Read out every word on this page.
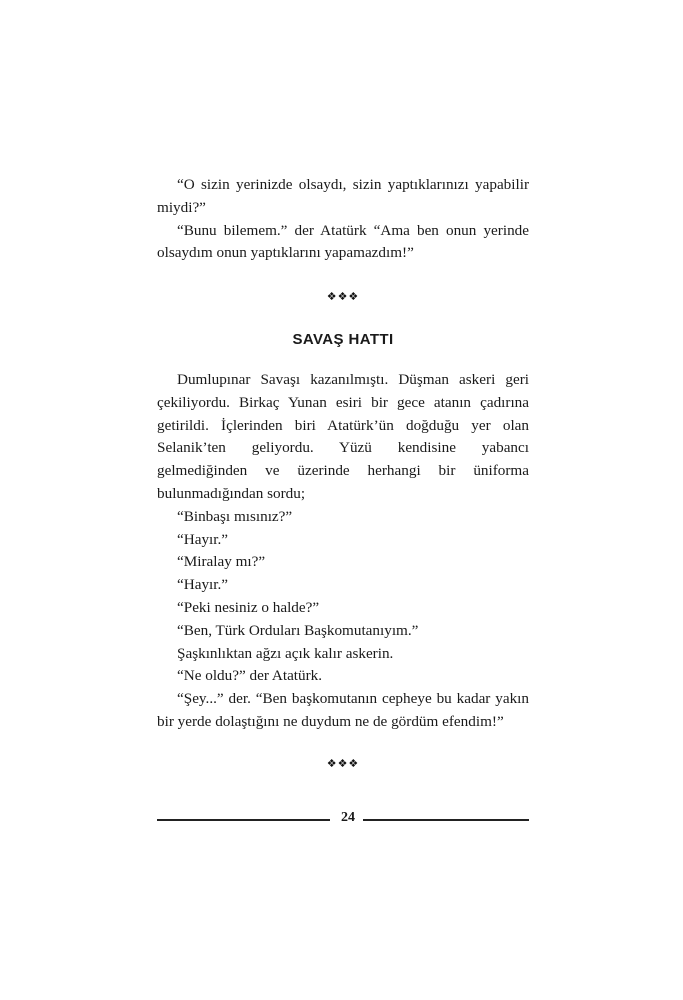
“O sizin yerinizde olsaydı, sizin yaptıklarınızı yapabilir miydi?”

“Bunu bilemem.” der Atatürk “Ama ben onun yerinde olsaydım onun yaptıklarını yapamazdım!”

❖❖❖
SAVAŞ HATTI

Dumlupınar Savaşı kazanılmıştı. Düşman askeri geri çekiliyordu. Birkaç Yunan esiri bir gece atanın çadırına getirildi. İçlerinden biri Atatürk’ün doğduğu yer olan Selanik’ten geliyordu. Yüzü kendisine yabancı gelmediğinden ve üzerinde herhangi bir üniforma bulunmadığından sordu;

“Binbaşı mısınız?”

“Hayır.”

“Miralay mı?”

“Hayır.”

“Peki nesiniz o halde?”

“Ben, Türk Orduları Başkomutanıyım.”

Şaşkınlıktan ağzı açık kalır askerin.

“Ne oldu?” der Atatürk.

“Şey...” der. “Ben başkomutanın cepheye bu kadar yakın bir yerde dolaştığını ne duydum ne de gördüm efendim!”

❖❖❖
24
